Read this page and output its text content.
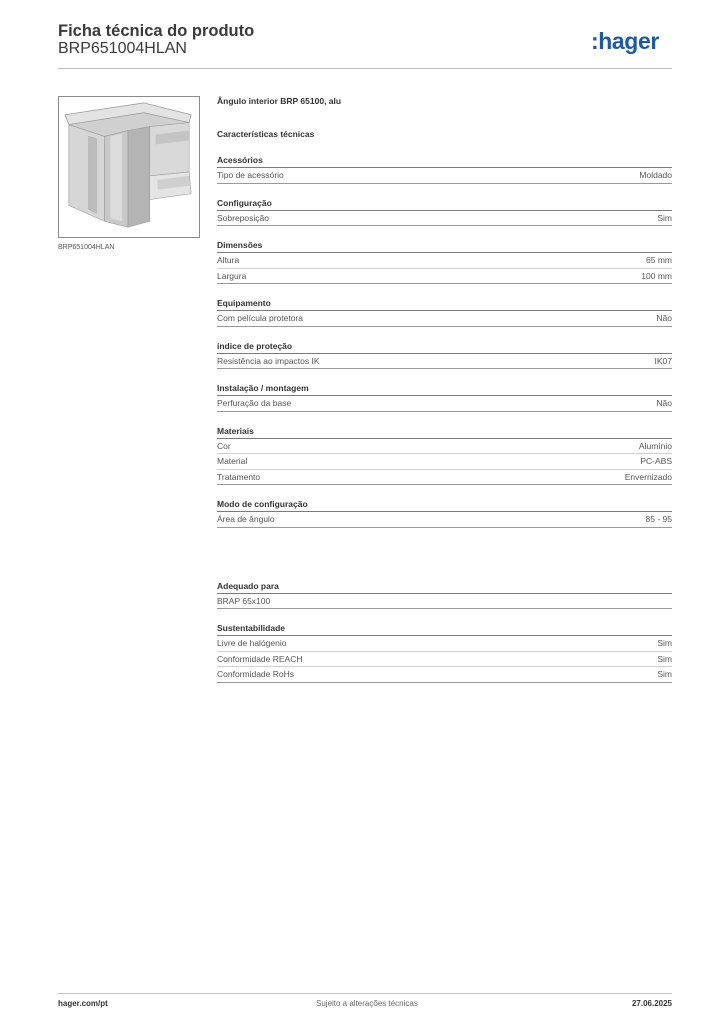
Ficha técnica do produto
BRP651004HLAN	:hager
BRP651004HLAN
Ângulo interior BRP 65100, alu
Características técnicas
Acessórios
Tipo de acessório	Moldado
Configuração
Sobreposição	Sim
Dimensões
Altura	65 mm
Largura	100 mm
Equipamento
Com película protetora	Não
índice de proteção
Resistência ao impactos IK	IK07
Instalação / montagem
Perfuração da base	Não
Materiais
Cor	Alumínio
Material	PC-ABS
Tratamento	Envernizado
Modo de configuração
Área de ângulo	85 - 95
Adequado para
BRAP 65x100
Sustentabilidade
Livre de halógenio	Sim
Conformidade REACH	Sim
Conformidade RoHs	Sim
hager.com/pt	Sujeito a alterações técnicas	27.06.2025
